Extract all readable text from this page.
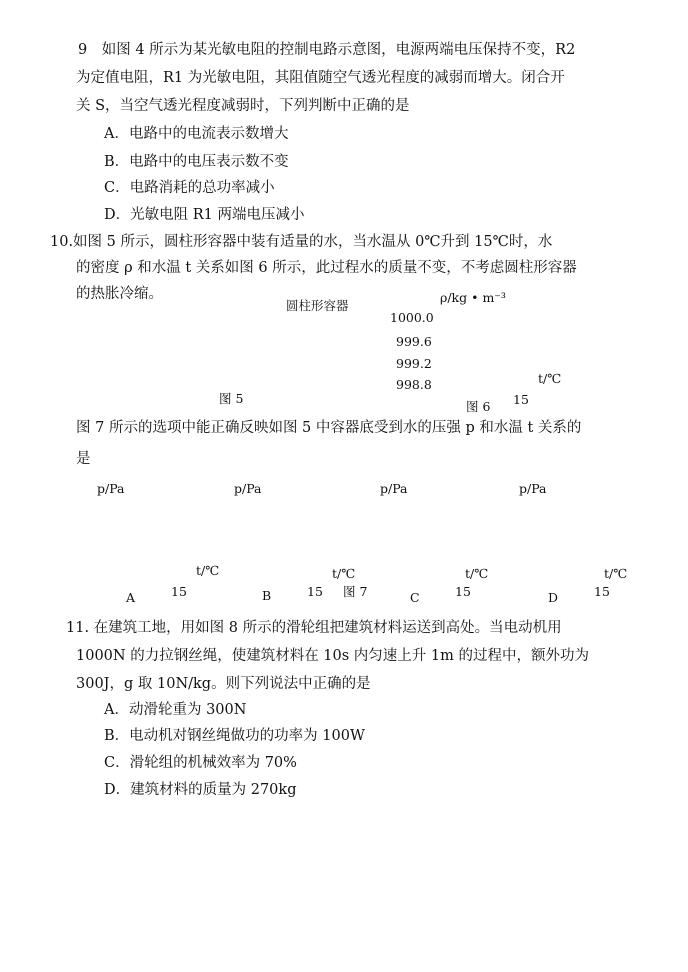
9　如图 4 所示为某光敏电阻的控制电路示意图，电源两端电压保持不变，R2
为定值电阻，R1 为光敏电阻，其阻值随空气透光程度的减弱而增大。闭合开
关 S，当空气透光程度减弱时，下列判断中正确的是
A．电路中的电流表示数增大
B．电路中的电压表示数不变
C．电路消耗的总功率减小
D．光敏电阻 R1 两端电压减小
10.如图 5 所示，圆柱形容器中装有适量的水，当水温从 0℃升到 15℃时，水
的密度 ρ 和水温 t 关系如图 6 所示，此过程水的质量不变，不考虑圆柱形容器
的热胀冷缩。
圆柱形容器
图 5
ρ/kg • m⁻³
1000.0
999.6
999.2
998.8	t/℃
15
图 6
图 7 所示的选项中能正确反映如图 5 中容器底受到水的压强 p 和水温 t 关系的
是
p/Pa	p/Pa	p/Pa	p/Pa
t/℃	t/℃	t/℃	t/℃
15	15	15	15
A	B	C	D
图 7
11. 在建筑工地，用如图 8 所示的滑轮组把建筑材料运送到高处。当电动机用
1000N 的力拉钢丝绳，使建筑材料在 10s 内匀速上升 1m 的过程中，额外功为
300J，g 取 10N/kg。则下列说法中正确的是
A．动滑轮重为 300N
B．电动机对钢丝绳做功的功率为 100W
C．滑轮组的机械效率为 70%
D．建筑材料的质量为 270kg
